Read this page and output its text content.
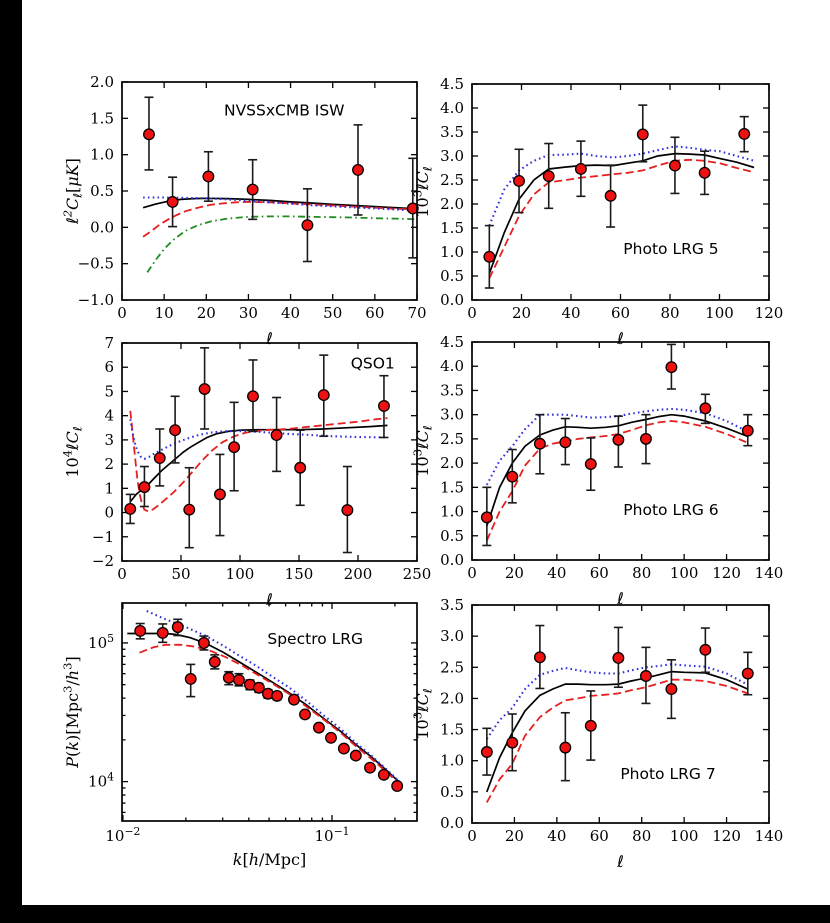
0 10 20 30 40 50 60 70
−1.0
−0.5
0.0
0.5
1.0
1.5
2.0
ℓ
$\ell^2C_\ell[\mu K]$
NVSSxCMB ISW
0 20 40 60 80 100 120
0.0
0.5
1.0
1.5
2.0
2.5
3.0
3.5
4.0
4.5
ℓ
$10^3\ell C_\ell$
Photo LRG 5
0	50 100 150 200 250
−2
−1
0
1
2
3
4
5
6
7
ℓ
$10^4\ell C_\ell$
QSO1
0 20 40 60 80 100 120 140
0.0
0.5
1.0
1.5
2.0
2.5
3.0
3.5
4.0
4.5
ℓ
$10^3\ell C_\ell$
Photo LRG 6
$10^{-2}$	$10^{-1}$
$10^4$
$10^5$
k[h/Mpc]
$P(k)[Mpc^3/h^3]$
Spectro LRG
0 20 40 60 80 100 120 140
0.0
0.5
1.0
1.5
2.0
2.5
3.0
3.5
ℓ
$10^3\ell C_\ell$
Photo LRG 7
